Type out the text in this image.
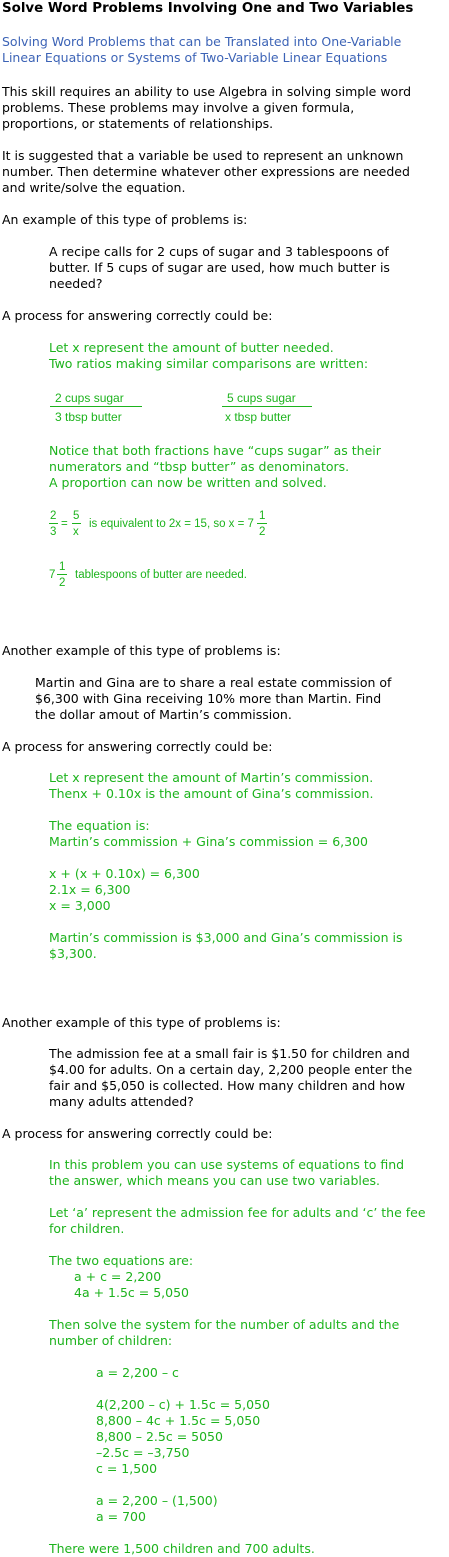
Solve Word Problems Involving One and Two Variables
Solving Word Problems that can be Translated into One-Variable
Linear Equations or Systems of Two-Variable Linear Equations
This skill requires an ability to use Algebra in solving simple word
problems. These problems may involve a given formula,
proportions, or statements of relationships.
It is suggested that a variable be used to represent an unknown
number. Then determine whatever other expressions are needed
and write/solve the equation.
An example of this type of problems is:
A recipe calls for 2 cups of sugar and 3 tablespoons of
butter. If 5 cups of sugar are used, how much butter is
needed?
A process for answering correctly could be:
Let x represent the amount of butter needed.
Two ratios making similar comparisons are written:
2 cups sugar
3 tbsp butter
5 cups sugar
x tbsp butter
Notice that both fractions have “cups sugar” as their
numerators and “tbsp butter” as denominators.
A proportion can now be written and solved.
2
3
=
5
x
is equivalent to 2x = 15, so x = 7
1
2
7
1
2
tablespoons of butter are needed.
Another example of this type of problems is:
Martin and Gina are to share a real estate commission of
$6,300 with Gina receiving 10% more than Martin. Find
the dollar amout of Martin’s commission.
A process for answering correctly could be:
Let x represent the amount of Martin’s commission.
Thenx + 0.10x is the amount of Gina’s commission.
The equation is:
Martin’s commission + Gina’s commission = 6,300
x + (x + 0.10x) = 6,300
2.1x = 6,300
x = 3,000
Martin’s commission is $3,000 and Gina’s commission is
$3,300.
Another example of this type of problems is:
The admission fee at a small fair is $1.50 for children and
$4.00 for adults. On a certain day, 2,200 people enter the
fair and $5,050 is collected. How many children and how
many adults attended?
A process for answering correctly could be:
In this problem you can use systems of equations to find
the answer, which means you can use two variables.
Let ‘a’ represent the admission fee for adults and ‘c’ the fee
for children.
The two equations are:
a + c = 2,200
4a + 1.5c = 5,050
Then solve the system for the number of adults and the
number of children:
a = 2,200 – c
4(2,200 – c) + 1.5c = 5,050
8,800 – 4c + 1.5c = 5,050
8,800 – 2.5c = 5050
–2.5c = –3,750
c = 1,500
a = 2,200 – (1,500)
a = 700
There were 1,500 children and 700 adults.
